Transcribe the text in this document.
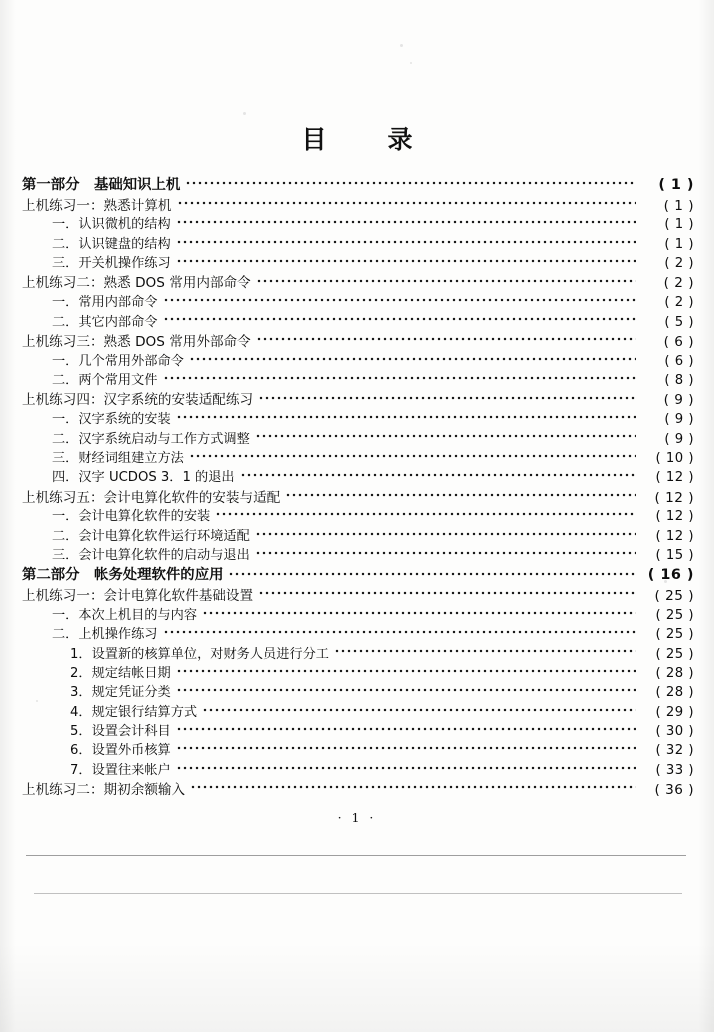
目　录
第一部分　基础知识上机	( 1 )
上机练习一：熟悉计算机	( 1 )
一．认识微机的结构	( 1 )
二．认识键盘的结构	( 1 )
三．开关机操作练习	( 2 )
上机练习二：熟悉 DOS 常用内部命令	( 2 )
一．常用内部命令	( 2 )
二．其它内部命令	( 5 )
上机练习三：熟悉 DOS 常用外部命令	( 6 )
一．几个常用外部命令	( 6 )
二．两个常用文件	( 8 )
上机练习四：汉字系统的安装适配练习	( 9 )
一．汉字系统的安装	( 9 )
二．汉字系统启动与工作方式调整	( 9 )
三．财经词组建立方法	( 10 )
四．汉字 UCDOS 3．1 的退出	( 12 )
上机练习五：会计电算化软件的安装与适配	( 12 )
一．会计电算化软件的安装	( 12 )
二．会计电算化软件运行环境适配	( 12 )
三．会计电算化软件的启动与退出	( 15 )
第二部分　帐务处理软件的应用	( 16 )
上机练习一：会计电算化软件基础设置	( 25 )
一．本次上机目的与内容	( 25 )
二．上机操作练习	( 25 )
1．设置新的核算单位，对财务人员进行分工	( 25 )
2．规定结帐日期	( 28 )
3．规定凭证分类	( 28 )
4．规定银行结算方式	( 29 )
5．设置会计科目	( 30 )
6．设置外币核算	( 32 )
7．设置往来帐户	( 33 )
上机练习二：期初余额输入	( 36 )
· 1 ·
